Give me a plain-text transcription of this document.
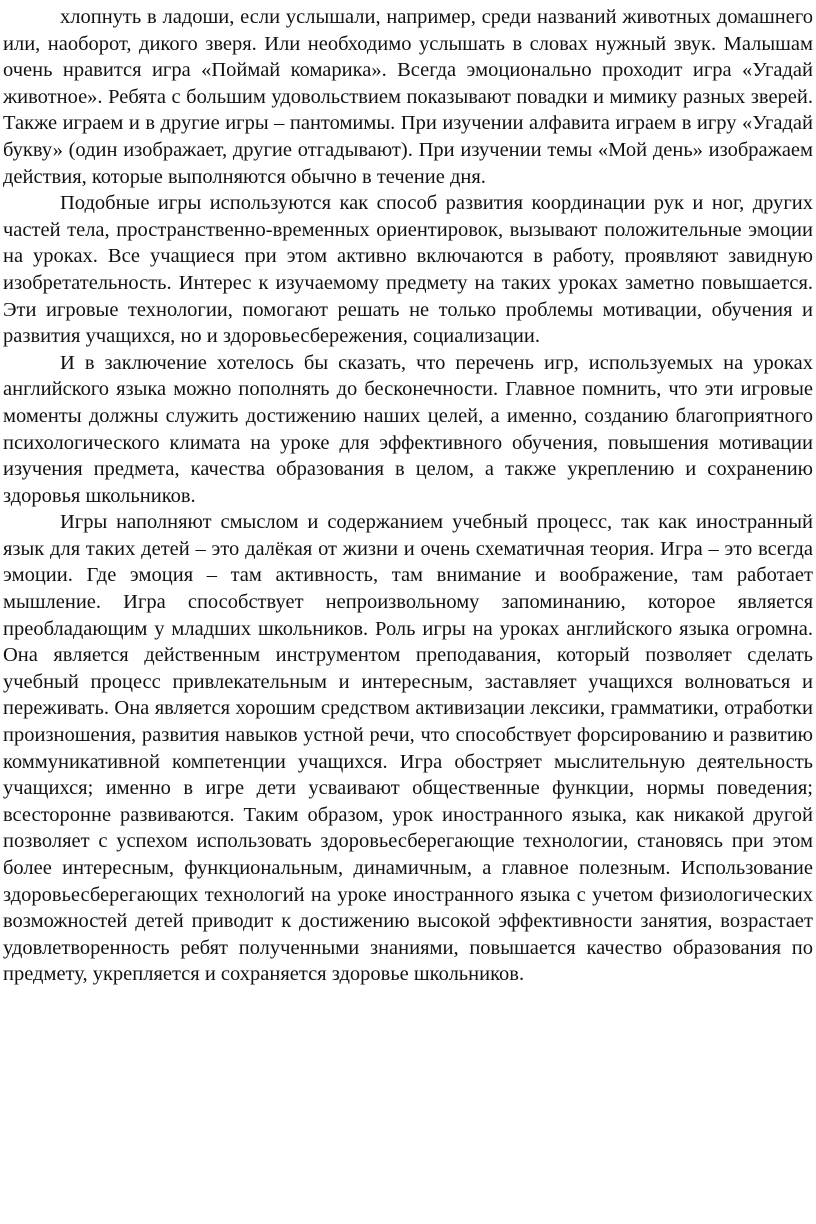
хлопнуть в ладоши, если услышали, например, среди названий животных домашнего или, наоборот, дикого зверя. Или необходимо услышать в словах нужный звук. Малышам очень нравится игра «Поймай комарика». Всегда эмоционально проходит игра «Угадай животное». Ребята с большим удовольствием показывают повадки и мимику разных зверей. Также играем и в другие игры – пантомимы. При изучении алфавита играем в игру «Угадай букву» (один изображает, другие отгадывают). При изучении темы «Мой день» изображаем действия, которые выполняются обычно в течение дня.

Подобные игры используются как способ развития координации рук и ног, других частей тела, пространственно-временных ориентировок, вызывают положительные эмоции на уроках. Все учащиеся при этом активно включаются в работу, проявляют завидную изобретательность. Интерес к изучаемому предмету на таких уроках заметно повышается. Эти игровые технологии, помогают решать не только проблемы мотивации, обучения и развития учащихся, но и здоровьесбережения, социализации.

И в заключение хотелось бы сказать, что перечень игр, используемых на уроках английского языка можно пополнять до бесконечности. Главное помнить, что эти игровые моменты должны служить достижению наших целей, а именно, созданию благоприятного психологического климата на уроке для эффективного обучения, повышения мотивации изучения предмета, качества образования в целом, а также укреплению и сохранению здоровья школьников.

Игры наполняют смыслом и содержанием учебный процесс, так как иностранный язык для таких детей – это далёкая от жизни и очень схематичная теория. Игра – это всегда эмоции. Где эмоция – там активность, там внимание и воображение, там работает мышление. Игра способствует непроизвольному запоминанию, которое является преобладающим у младших школьников. Роль игры на уроках английского языка огромна. Она является действенным инструментом преподавания, который позволяет сделать учебный процесс привлекательным и интересным, заставляет учащихся волноваться и переживать. Она является хорошим средством активизации лексики, грамматики, отработки произношения, развития навыков устной речи, что способствует форсированию и развитию коммуникативной компетенции учащихся. Игра обостряет мыслительную деятельность учащихся; именно в игре дети усваивают общественные функции, нормы поведения; всесторонне развиваются. Таким образом, урок иностранного языка, как никакой другой позволяет с успехом использовать здоровьесберегающие технологии, становясь при этом более интересным, функциональным, динамичным, а главное полезным. Использование здоровьесберегающих технологий на уроке иностранного языка с учетом физиологических возможностей детей приводит к достижению высокой эффективности занятия, возрастает удовлетворенность ребят полученными знаниями, повышается качество образования по предмету, укрепляется и сохраняется здоровье школьников.
